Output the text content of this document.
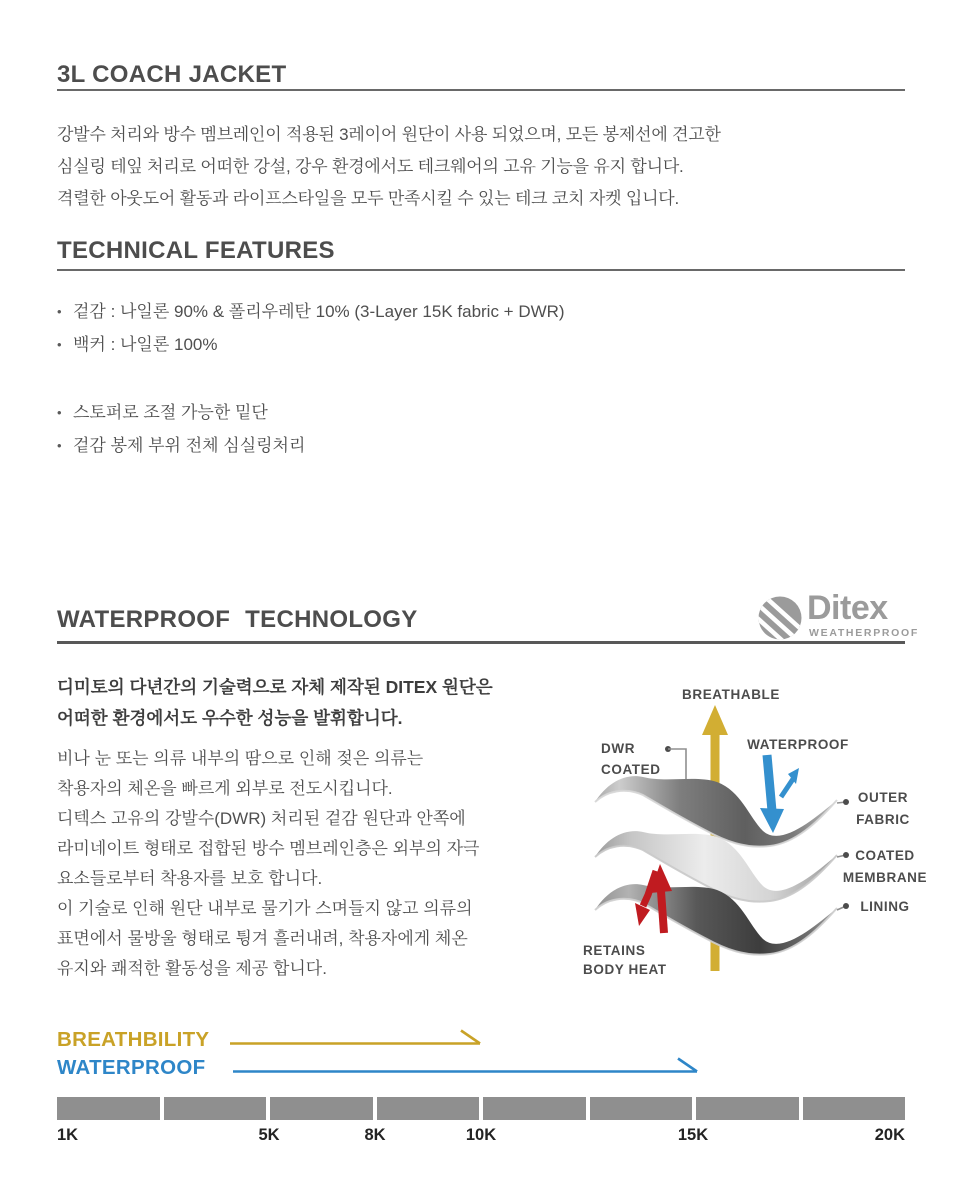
3L COACH JACKET
강발수 처리와 방수 멤브레인이 적용된 3레이어 원단이 사용 되었으며, 모든 봉제선에 견고한
심실링 테잎 처리로 어떠한 강설, 강우 환경에서도 테크웨어의 고유 기능을 유지 합니다.
격렬한 아웃도어 활동과 라이프스타일을 모두 만족시킬 수 있는 테크 코치 자켓 입니다.
TECHNICAL FEATURES
• 겉감 : 나일론 90% & 폴리우레탄 10% (3-Layer 15K fabric + DWR)
• 백커 : 나일론 100%
• 스토퍼로 조절 가능한 밑단
• 겉감 봉제 부위 전체 심실링처리
WATERPROOF TECHNOLOGY	Ditex
WEATHERPROOF
디미토의 다년간의 기술력으로 자체 제작된 DITEX 원단은
어떠한 환경에서도 우수한 성능을 발휘합니다.
비나 눈 또는 의류 내부의 땀으로 인해 젖은 의류는
착용자의 체온을 빠르게 외부로 전도시킵니다.
디텍스 고유의 강발수(DWR) 처리된 겉감 원단과 안쪽에
라미네이트 형태로 접합된 방수 멤브레인층은 외부의 자극
요소들로부터 착용자를 보호 합니다.
이 기술로 인해 원단 내부로 물기가 스며들지 않고 의류의
표면에서 물방울 형태로 튕겨 흘러내려, 착용자에게 체온
유지와 쾌적한 활동성을 제공 합니다.
BREATHABLE
DWR
COATED
WATERPROOF
OUTER
FABRIC
COATED
MEMBRANE
LINING
RETAINS
BODY HEAT
BREATHBILITY
WATERPROOF
1K	5K	8K	10K	15K	20K
